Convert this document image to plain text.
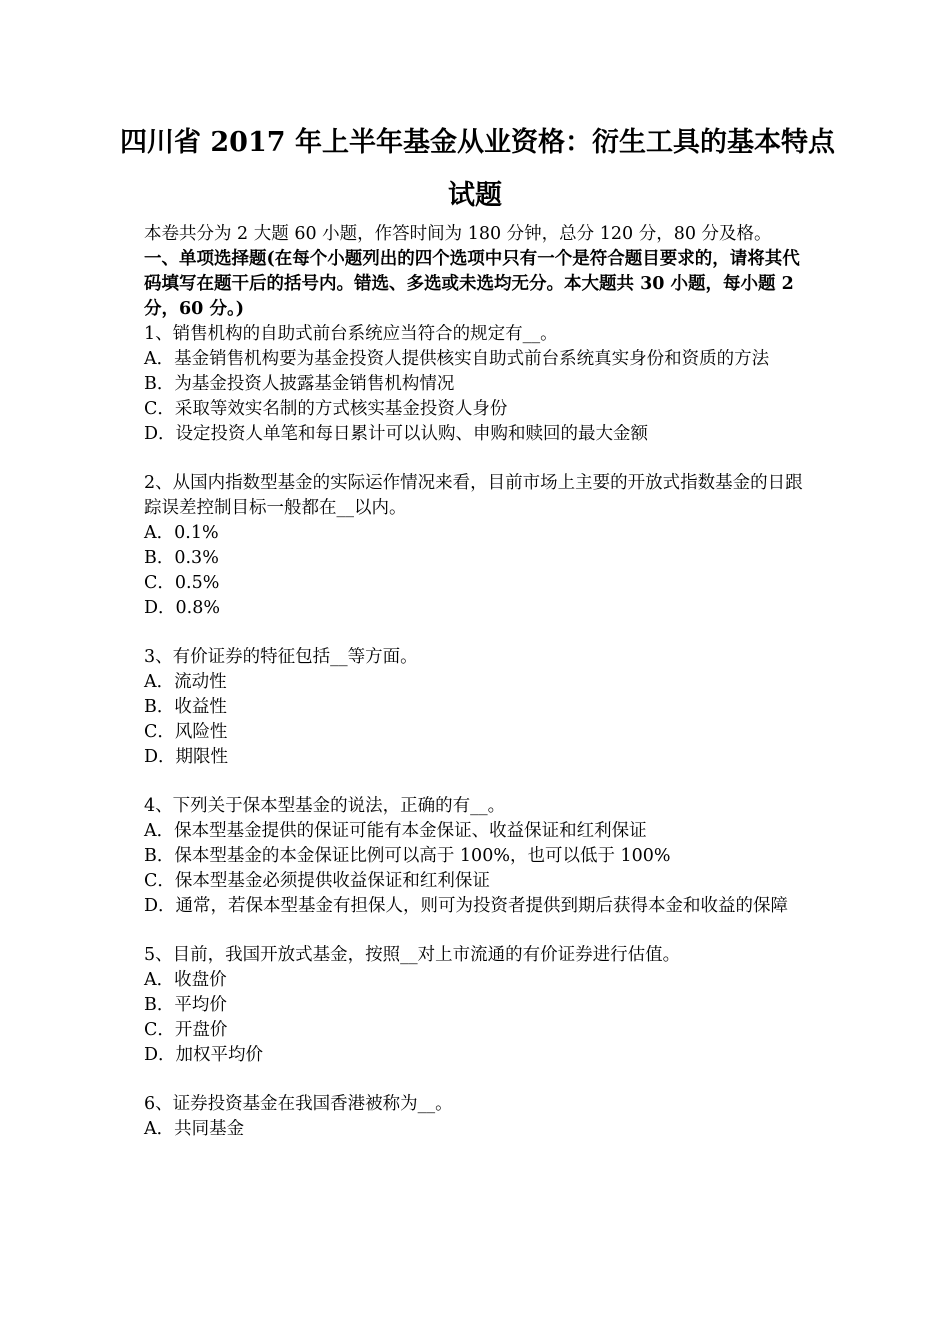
四川省 2017 年上半年基金从业资格：衍生工具的基本特点
试题

本卷共分为 2 大题 60 小题，作答时间为 180 分钟，总分 120 分，80 分及格。

一、单项选择题(在每个小题列出的四个选项中只有一个是符合题目要求的，请将其代码填写在题干后的括号内。错选、多选或未选均无分。本大题共 30 小题，每小题 2 分，60 分。)

1、销售机构的自助式前台系统应当符合的规定有__。

A．基金销售机构要为基金投资人提供核实自助式前台系统真实身份和资质的方法

B．为基金投资人披露基金销售机构情况

C．采取等效实名制的方式核实基金投资人身份

D．设定投资人单笔和每日累计可以认购、申购和赎回的最大金额

2、从国内指数型基金的实际运作情况来看，目前市场上主要的开放式指数基金的日跟踪误差控制目标一般都在__以内。

A．0.1%

B．0.3%

C．0.5%

D．0.8%

3、有价证券的特征包括__等方面。

A．流动性

B．收益性

C．风险性

D．期限性

4、下列关于保本型基金的说法，正确的有__。

A．保本型基金提供的保证可能有本金保证、收益保证和红利保证

B．保本型基金的本金保证比例可以高于 100%，也可以低于 100%

C．保本型基金必须提供收益保证和红利保证

D．通常，若保本型基金有担保人，则可为投资者提供到期后获得本金和收益的保障

5、目前，我国开放式基金，按照__对上市流通的有价证券进行估值。

A．收盘价

B．平均价

C．开盘价

D．加权平均价

6、证券投资基金在我国香港被称为__。

A．共同基金
